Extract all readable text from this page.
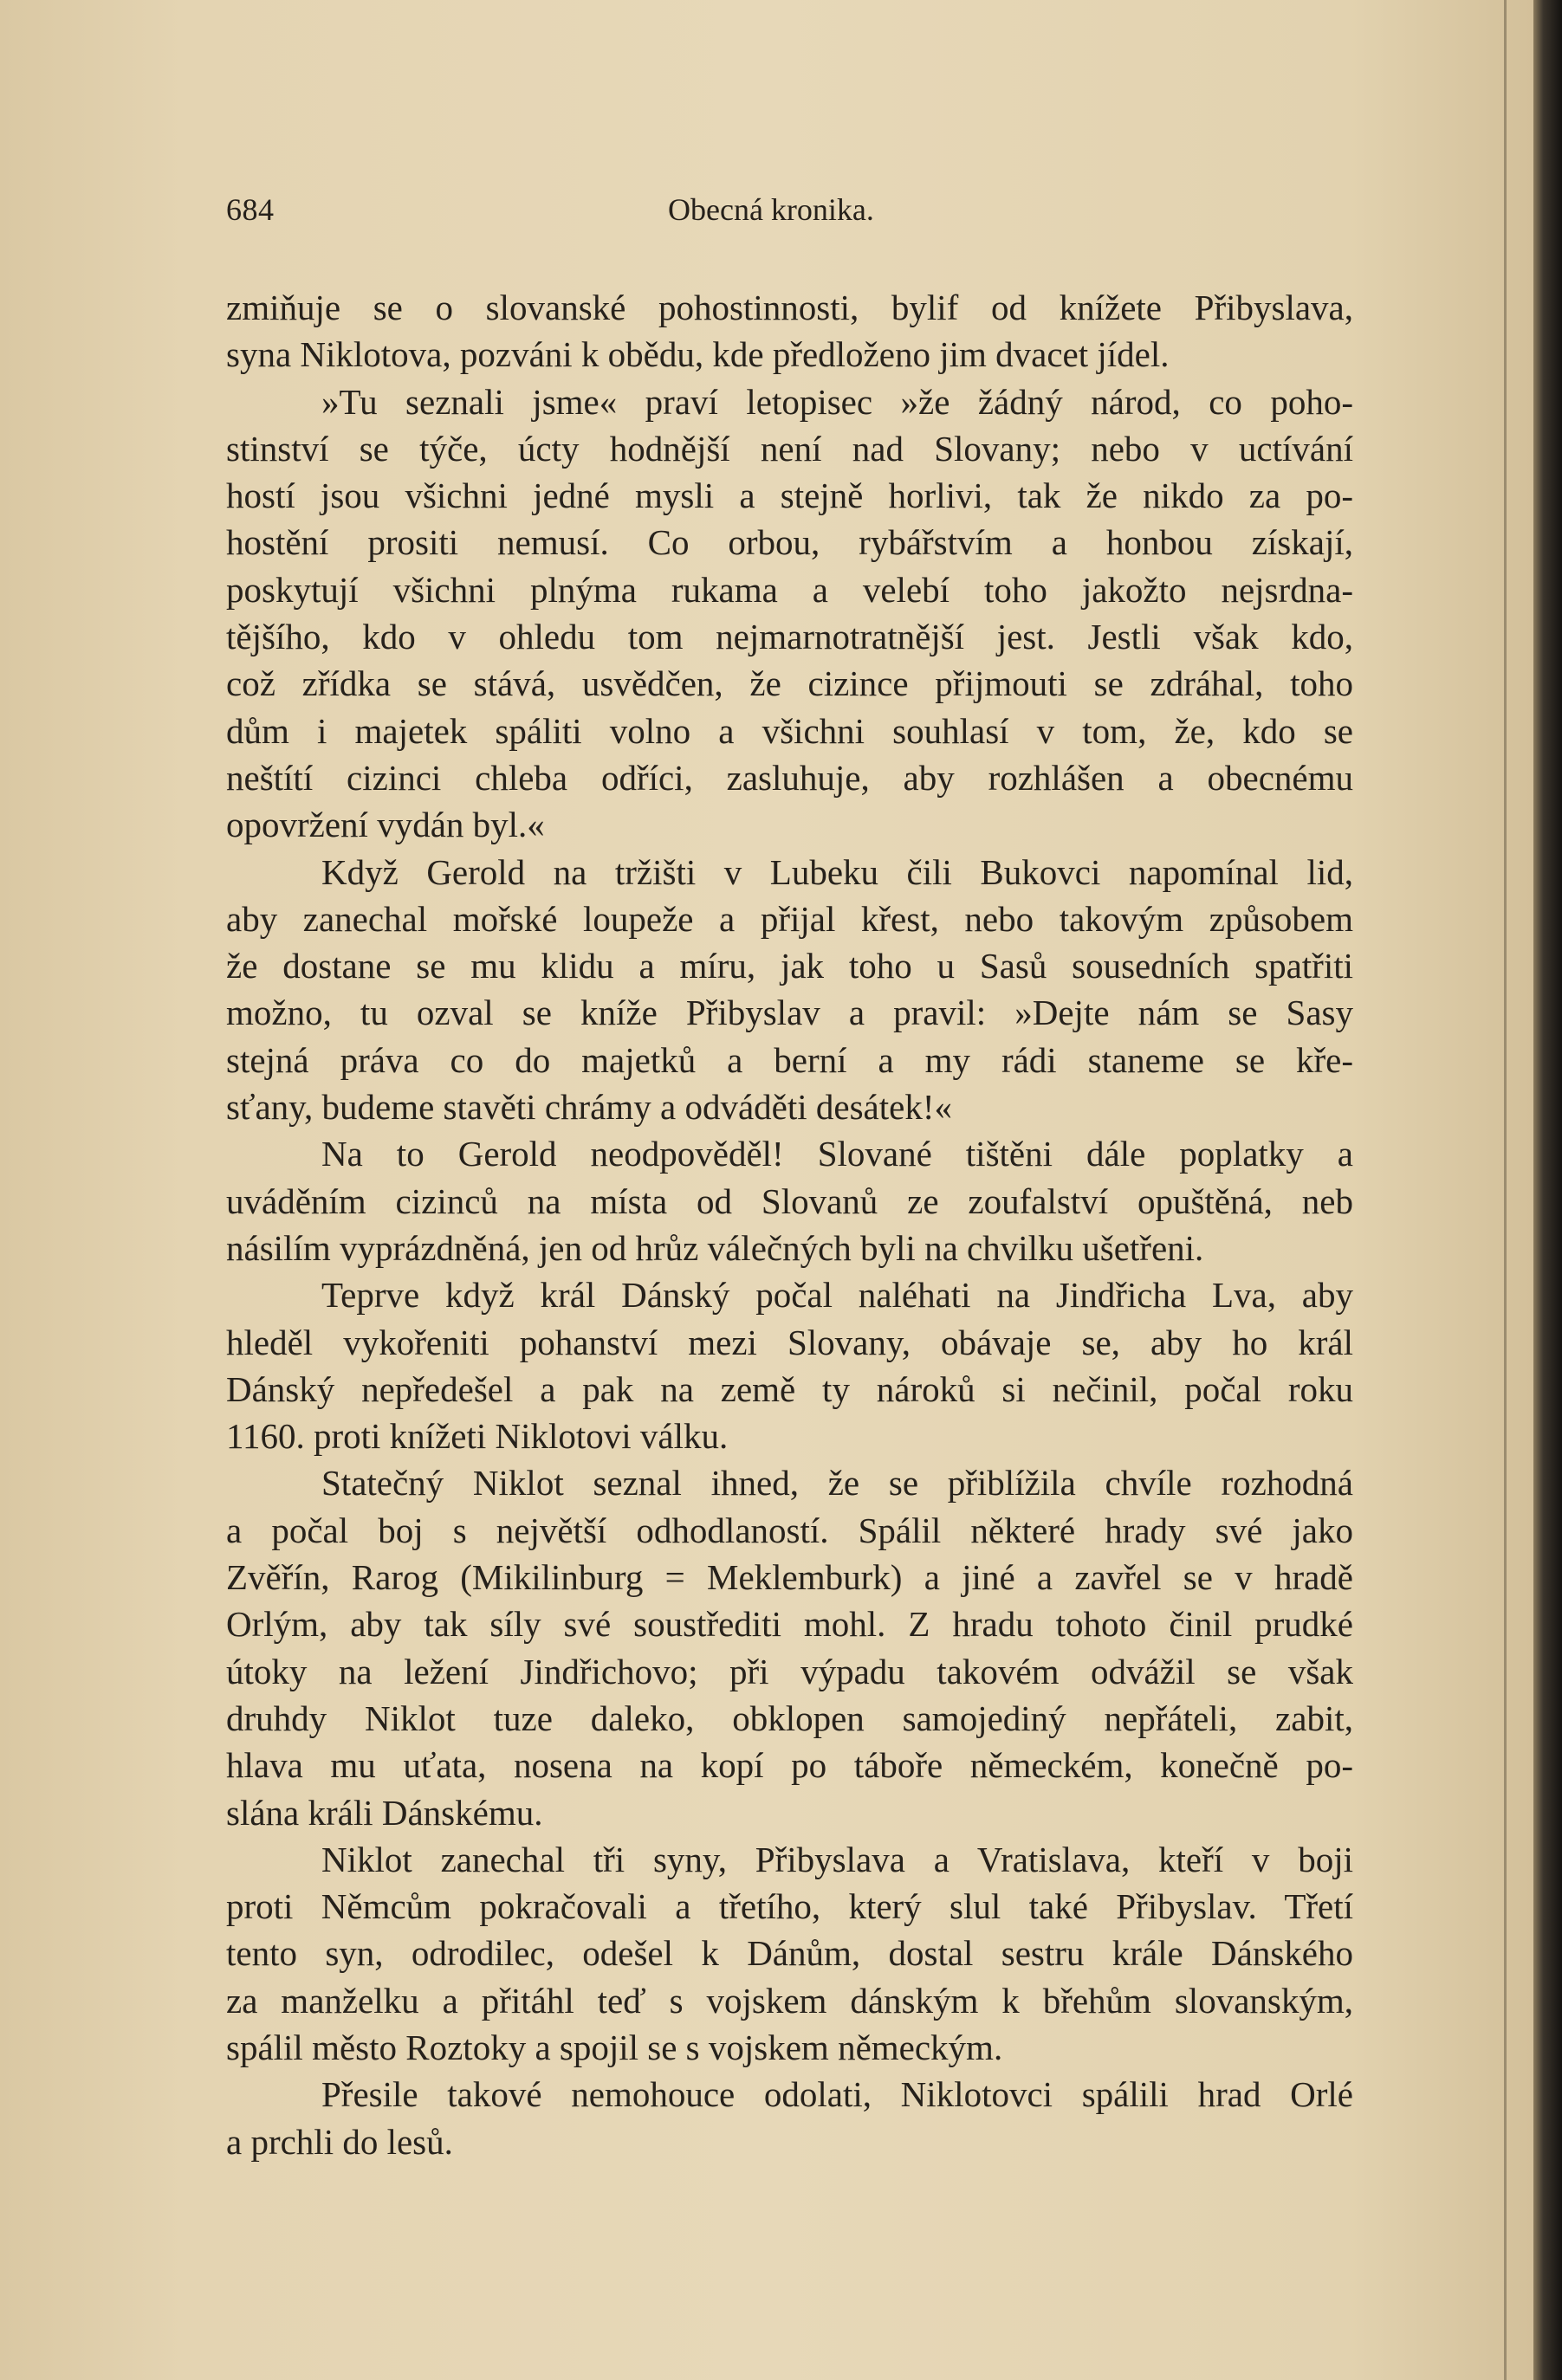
684	Obecná kronika.
zmiňuje se o slovanské pohostinnosti, bylif od knížete Přibyslava,
syna Niklotova, pozváni k obědu, kde předloženo jim dvacet jídel.
»Tu seznali jsme« praví letopisec »že žádný národ, co poho-
stinství se týče, úcty hodnější není nad Slovany; nebo v uctívání
hostí jsou všichni jedné mysli a stejně horlivi, tak že nikdo za po-
hostění prositi nemusí. Co orbou, rybářstvím a honbou získají,
poskytují všichni plnýma rukama a velebí toho jakožto nejsrdna-
tějšího, kdo v ohledu tom nejmarnotratnější jest. Jestli však kdo,
což zřídka se stává, usvědčen, že cizince přijmouti se zdráhal, toho
dům i majetek spáliti volno a všichni souhlasí v tom, že, kdo se
neštítí cizinci chleba odříci, zasluhuje, aby rozhlášen a obecnému
opovržení vydán byl.«
Když Gerold na tržišti v Lubeku čili Bukovci napomínal lid,
aby zanechal mořské loupeže a přijal křest, nebo takovým způsobem
že dostane se mu klidu a míru, jak toho u Sasů sousedních spatřiti
možno, tu ozval se kníže Přibyslav a pravil: »Dejte nám se Sasy
stejná práva co do majetků a berní a my rádi staneme se kře-
sťany, budeme stavěti chrámy a odváděti desátek!«
Na to Gerold neodpověděl! Slované tištěni dále poplatky a
uváděním cizinců na místa od Slovanů ze zoufalství opuštěná, neb
násilím vyprázdněná, jen od hrůz válečných byli na chvilku ušetřeni.
Teprve když král Dánský počal naléhati na Jindřicha Lva, aby
hleděl vykořeniti pohanství mezi Slovany, obávaje se, aby ho král
Dánský nepředešel a pak na země ty nároků si nečinil, počal roku
1160. proti knížeti Niklotovi válku.
Statečný Niklot seznal ihned, že se přiblížila chvíle rozhodná
a počal boj s největší odhodlaností. Spálil některé hrady své jako
Zvěřín, Rarog (Mikilinburg = Meklemburk) a jiné a zavřel se v hradě
Orlým, aby tak síly své soustřediti mohl. Z hradu tohoto činil prudké
útoky na ležení Jindřichovo; při výpadu takovém odvážil se však
druhdy Niklot tuze daleko, obklopen samojediný nepřáteli, zabit,
hlava mu uťata, nosena na kopí po táboře německém, konečně po-
slána králi Dánskému.
Niklot zanechal tři syny, Přibyslava a Vratislava, kteří v boji
proti Němcům pokračovali a třetího, který slul také Přibyslav. Třetí
tento syn, odrodilec, odešel k Dánům, dostal sestru krále Dánského
za manželku a přitáhl teď s vojskem dánským k břehům slovanským,
spálil město Roztoky a spojil se s vojskem německým.
Přesile takové nemohouce odolati, Niklotovci spálili hrad Orlé
a prchli do lesů.
